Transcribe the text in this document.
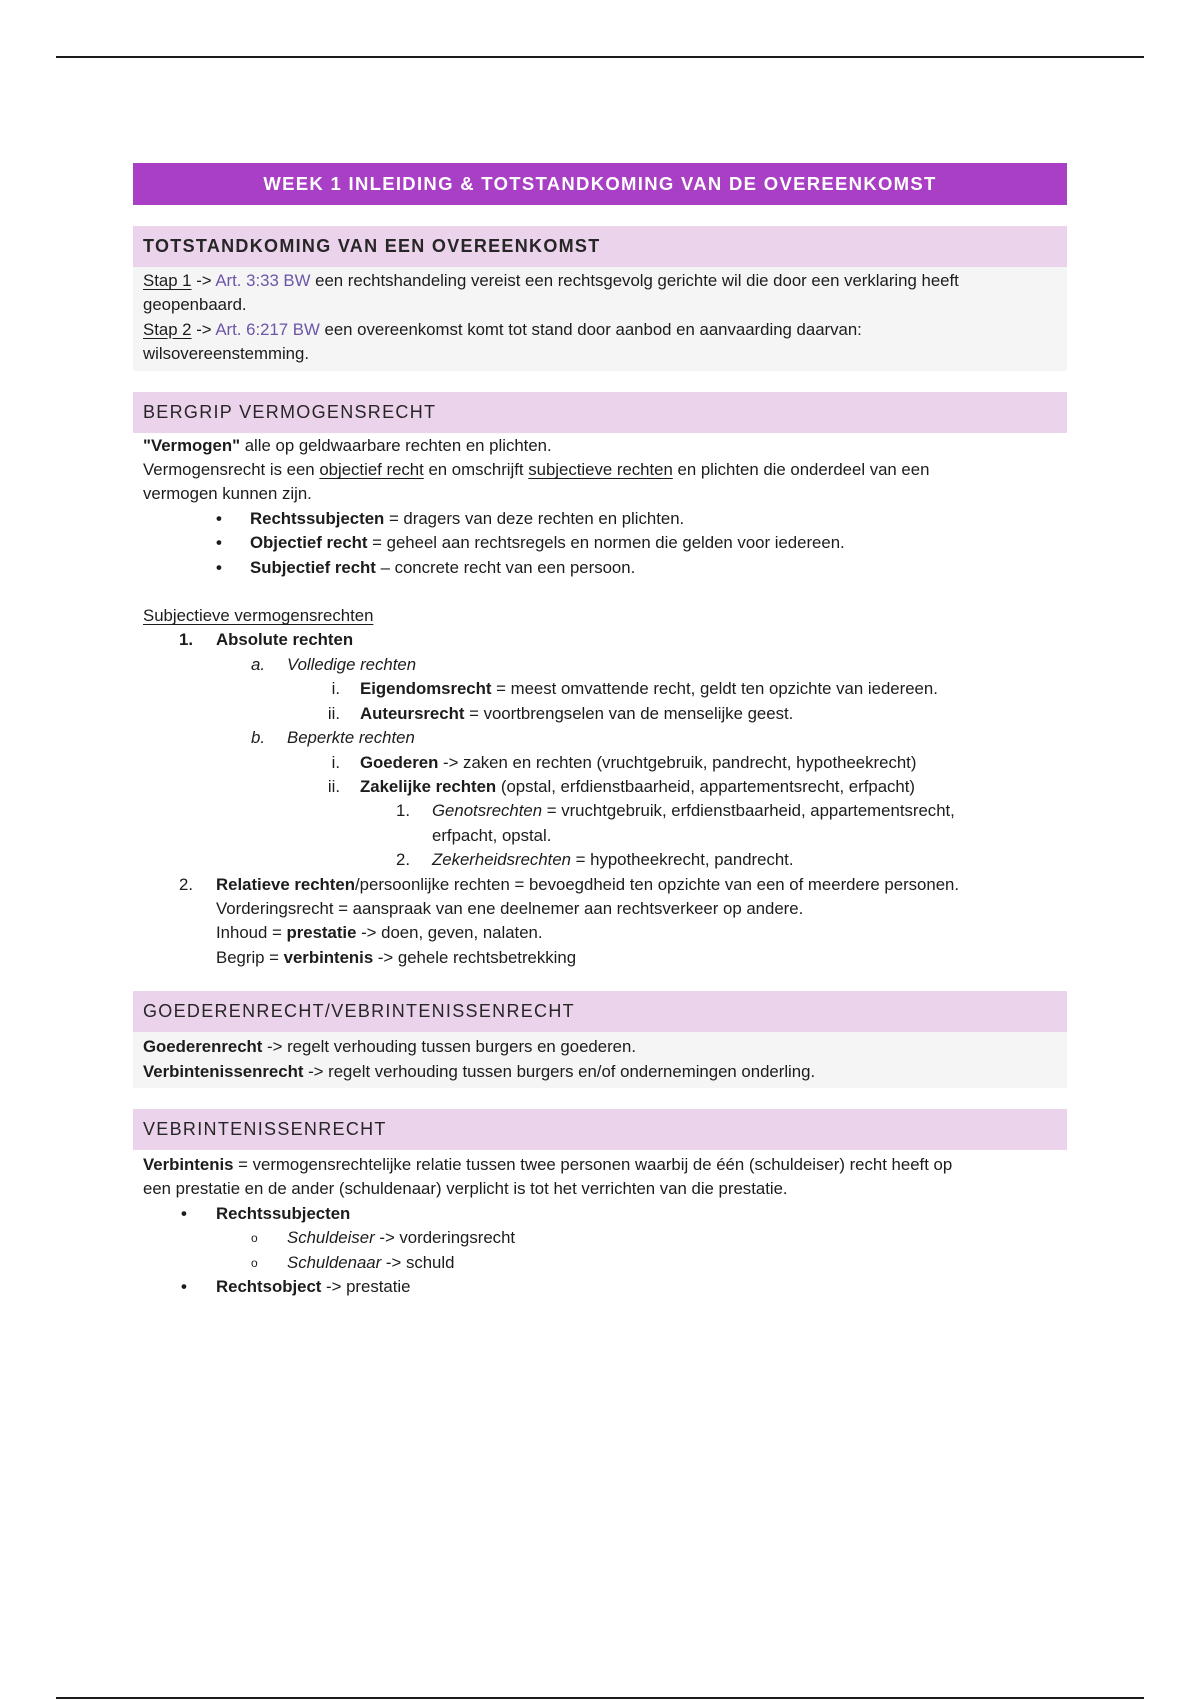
WEEK 1 INLEIDING & TOTSTANDKOMING VAN DE OVEREENKOMST
TOTSTANDKOMING VAN EEN OVEREENKOMST
Stap 1 -> Art. 3:33 BW een rechtshandeling vereist een rechtsgevolg gerichte wil die door een verklaring heeft
geopenbaard.
Stap 2 -> Art. 6:217 BW een overeenkomst komt tot stand door aanbod en aanvaarding daarvan:
wilsovereenstemming.
BERGRIP VERMOGENSRECHT
"Vermogen" alle op geldwaarbare rechten en plichten.
Vermogensrecht is een objectief recht en omschrijft subjectieve rechten en plichten die onderdeel van een
vermogen kunnen zijn.
• Rechtssubjecten = dragers van deze rechten en plichten.
• Objectief recht = geheel aan rechtsregels en normen die gelden voor iedereen.
• Subjectief recht – concrete recht van een persoon.
Subjectieve vermogensrechten
1. Absolute rechten
a. Volledige rechten
i. Eigendomsrecht = meest omvattende recht, geldt ten opzichte van iedereen.
ii. Auteursrecht = voortbrengselen van de menselijke geest.
b. Beperkte rechten
i. Goederen -> zaken en rechten (vruchtgebruik, pandrecht, hypotheekrecht)
ii. Zakelijke rechten (opstal, erfdienstbaarheid, appartementsrecht, erfpacht)
1. Genotsrechten = vruchtgebruik, erfdienstbaarheid, appartementsrecht,
erfpacht, opstal.
2. Zekerheidsrechten = hypotheekrecht, pandrecht.
2. Relatieve rechten/persoonlijke rechten = bevoegdheid ten opzichte van een of meerdere personen.
Vorderingsrecht = aanspraak van ene deelnemer aan rechtsverkeer op andere.
Inhoud = prestatie -> doen, geven, nalaten.
Begrip = verbintenis -> gehele rechtsbetrekking
GOEDERENRECHT/VEBRINTENISSENRECHT
Goederenrecht -> regelt verhouding tussen burgers en goederen.
Verbintenissenrecht -> regelt verhouding tussen burgers en/of ondernemingen onderling.
VEBRINTENISSENRECHT
Verbintenis = vermogensrechtelijke relatie tussen twee personen waarbij de één (schuldeiser) recht heeft op
een prestatie en de ander (schuldenaar) verplicht is tot het verrichten van die prestatie.
• Rechtssubjecten
o Schuldeiser -> vorderingsrecht
o Schuldenaar -> schuld
• Rechtsobject -> prestatie
